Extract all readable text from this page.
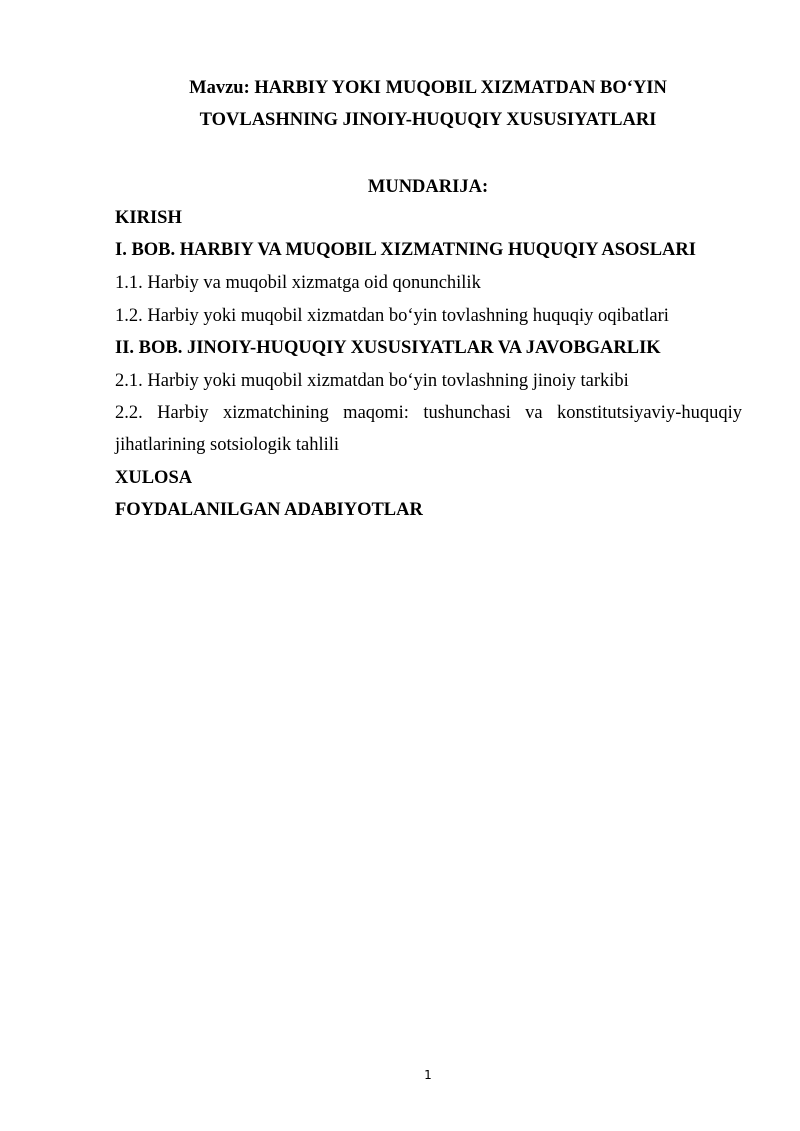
Mavzu: HARBIY YOKI MUQOBIL XIZMATDAN BO‘YIN
TOVLASHNING JINOIY-HUQUQIY XUSUSIYATLARI
MUNDARIJA:
KIRISH
I. BOB. HARBIY VA MUQOBIL XIZMATNING HUQUQIY ASOSLARI
1.1. Harbiy va muqobil xizmatga oid qonunchilik
1.2. Harbiy yoki muqobil xizmatdan bo‘yin tovlashning huquqiy oqibatlari
II. BOB. JINOIY-HUQUQIY XUSUSIYATLAR VA JAVOBGARLIK
2.1. Harbiy yoki muqobil xizmatdan bo‘yin tovlashning jinoiy tarkibi
2.2. Harbiy xizmatchining maqomi: tushunchasi va konstitutsiyaviy-huquqiy
jihatlarining sotsiologik tahlili
XULOSA
FOYDALANILGAN ADABIYOTLAR
1
